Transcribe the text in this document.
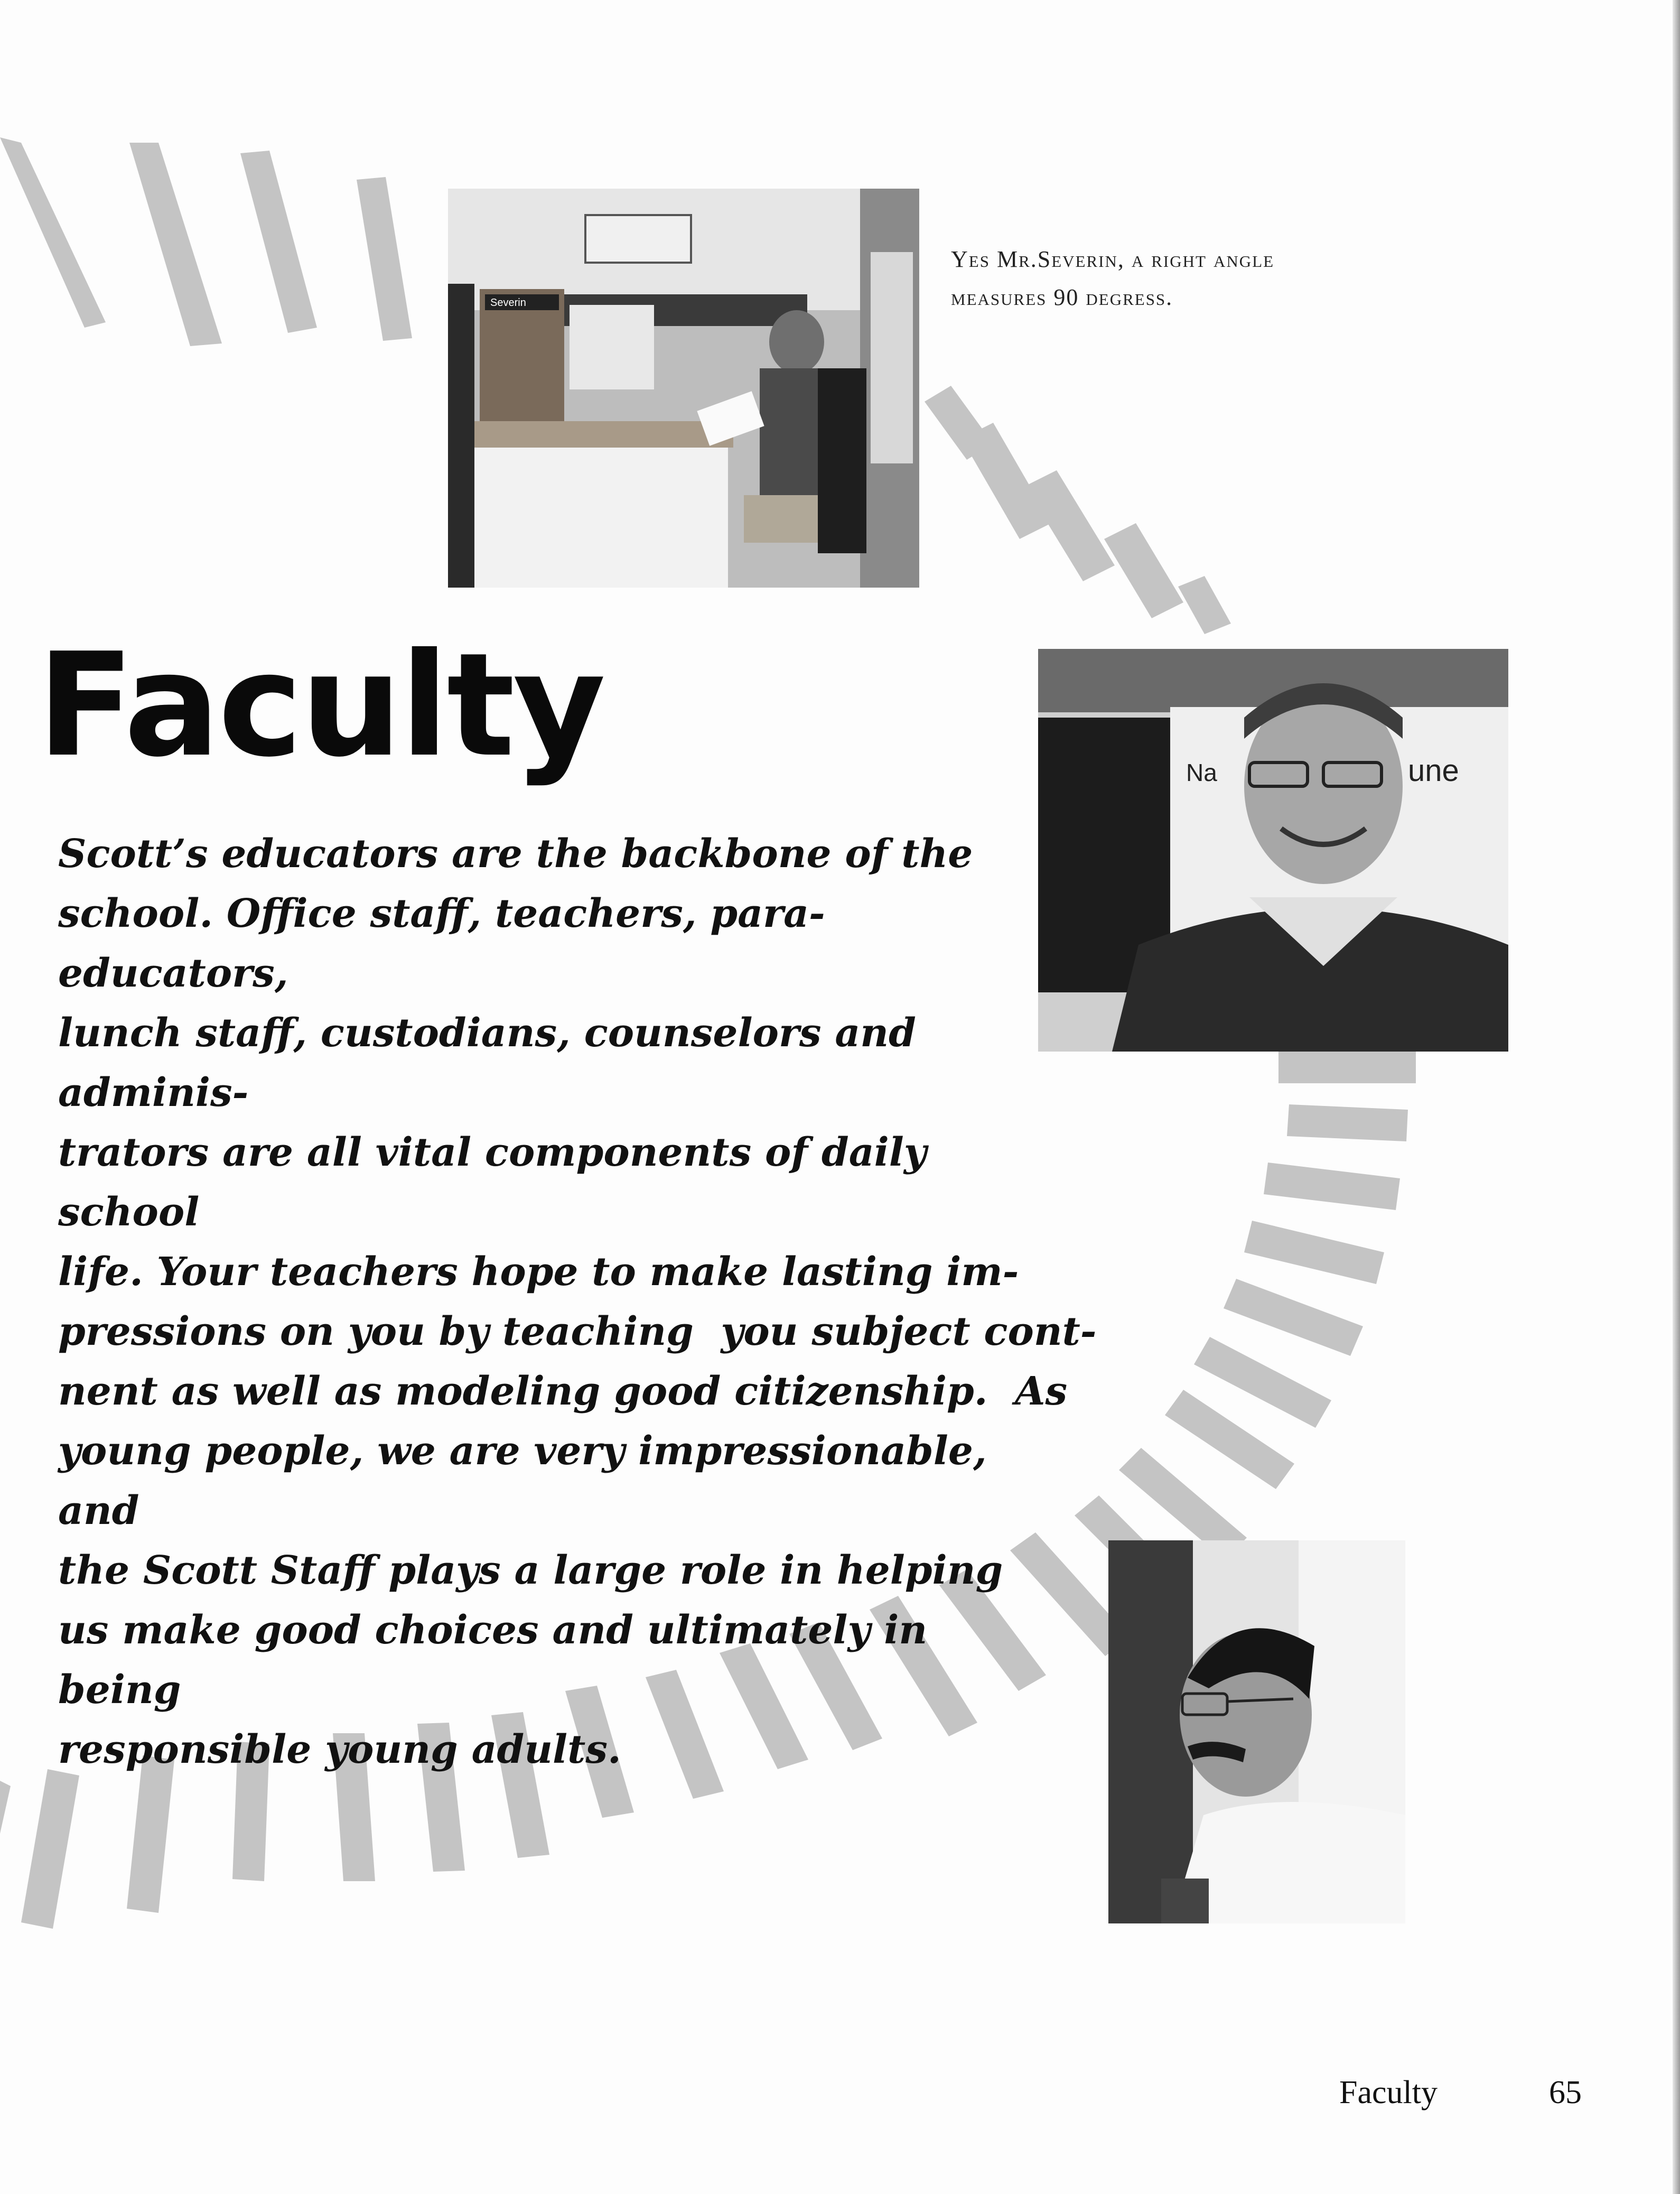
Severin
Yes Mr.Severin, a right angle
measures 90 degress.
Na	une
Faculty
Scott’s educators are the backbone of the
school. Office staff, teachers, para-educators,
lunch staff, custodians, counselors and adminis-
trators are all vital components of daily school
life. Your teachers hope to make lasting im-
pressions on you by teaching  you subject cont-
nent as well as modeling good citizenship.  As
young people, we are very impressionable, and
the Scott Staff plays a large role in helping
us make good choices and ultimately in being
responsible young adults.
Faculty	65
